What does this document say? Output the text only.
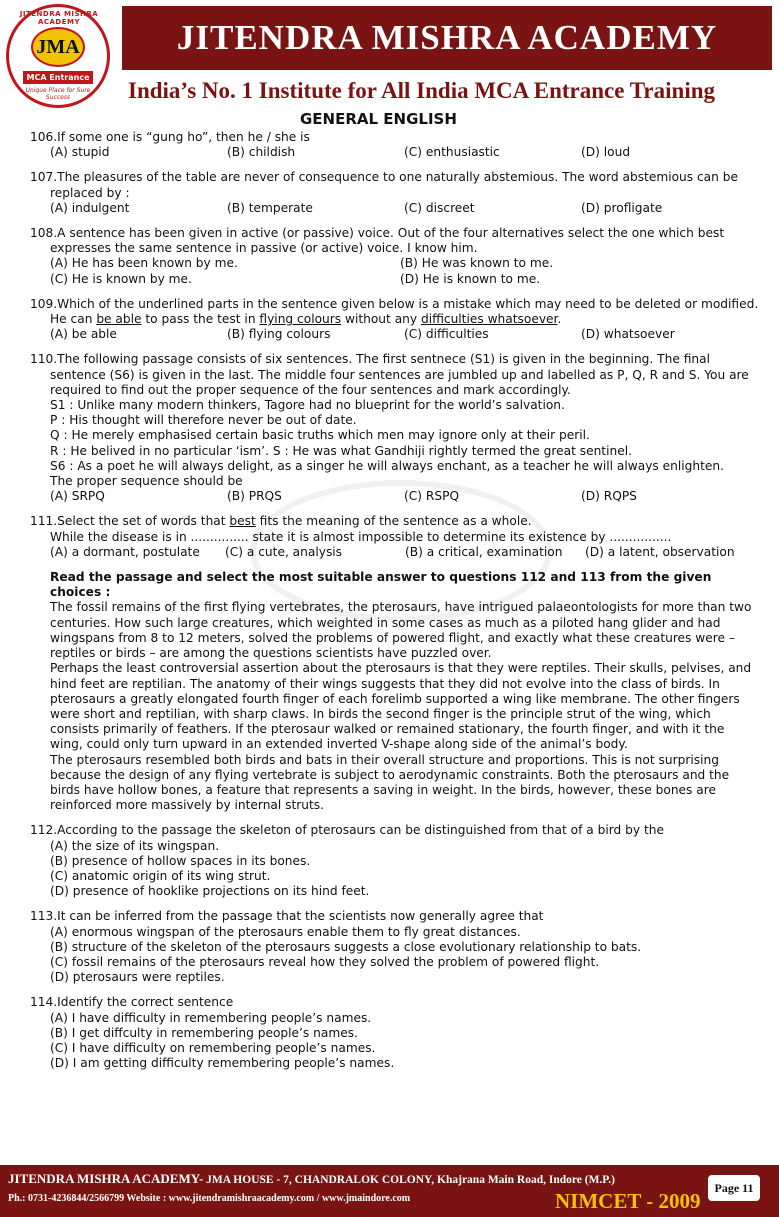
JITENDRA MISHRA ACADEMY
JMA
MCA Entrance
Unique Place for Sure Success
JITENDRA MISHRA ACADEMY
India’s No. 1 Institute for All India MCA Entrance Training
GENERAL ENGLISH
106.If some one is “gung ho”, then he / she is
(A) stupid	(B) childish	(C) enthusiastic	(D) loud
107.The pleasures of the table are never of consequence to one naturally abstemious. The word abstemious can be replaced by :
(A) indulgent	(B) temperate	(C) discreet	(D) profligate
108.A sentence has been given in active (or passive) voice. Out of the four alternatives select the one which best expresses the same sentence in passive (or active) voice. I know him.
(A) He has been known by me.	(B) He was known to me.
(C) He is known by me.	(D) He is known to me.
109.Which of the underlined parts in the sentence given below is a mistake which may need to be deleted or modified.
He can be able to pass the test in flying colours without any difficulties whatsoever.
(A) be able	(B) flying colours	(C) difficulties	(D) whatsoever
110.The following passage consists of six sentences. The first sentnece (S1) is given in the beginning. The final sentence (S6) is given in the last. The middle four sentences are jumbled up and labelled as P, Q, R and S. You are required to find out the proper sequence of the four sentences and mark accordingly.
S1 : Unlike many modern thinkers, Tagore had no blueprint for the world’s salvation.
P : His thought will therefore never be out of date.
Q : He merely emphasised certain basic truths which men may ignore only at their peril.
R : He belived in no particular ‘ism’. S : He was what Gandhiji rightly termed the great sentinel.
S6 : As a poet he will always delight, as a singer he will always enchant, as a teacher he will always enlighten.
The proper sequence should be
(A) SRPQ	(B) PRQS	(C) RSPQ	(D) RQPS
111.Select the set of words that best fits the meaning of the sentence as a whole.
While the disease is in ............... state it is almost impossible to determine its existence by ................
(A) a dormant, postulate	(C) a cute, analysis	(B) a critical, examination	(D) a latent, observation
Read the passage and select the most suitable answer to questions 112 and 113 from the given choices :

The fossil remains of the first flying vertebrates, the pterosaurs, have intrigued palaeontologists for more than two centuries. How such large creatures, which weighted in some cases as much as a piloted hang glider and had wingspans from 8 to 12 meters, solved the problems of powered flight, and exactly what these creatures were – reptiles or birds – are among the questions scientists have puzzled over.

Perhaps the least controversial assertion about the pterosaurs is that they were reptiles. Their skulls, pelvises, and hind feet are reptilian. The anatomy of their wings suggests that they did not evolve into the class of birds. In pterosaurs a greatly elongated fourth finger of each forelimb supported a wing like membrane. The other fingers were short and reptilian, with sharp claws. In birds the second finger is the principle strut of the wing, which consists primarily of feathers. If the pterosaur walked or remained stationary, the fourth finger, and with it the wing, could only turn upward in an extended inverted V-shape along side of the animal’s body.

The pterosaurs resembled both birds and bats in their overall structure and proportions. This is not surprising because the design of any flying vertebrate is subject to aerodynamic constraints. Both the pterosaurs and the birds have hollow bones, a feature that represents a saving in weight. In the birds, however, these bones are reinforced more massively by internal struts.

112.According to the passage the skeleton of pterosaurs can be distinguished from that of a bird by the
(A) the size of its wingspan.
(B) presence of hollow spaces in its bones.
(C) anatomic origin of its wing strut.
(D) presence of hooklike projections on its hind feet.
113.It can be inferred from the passage that the scientists now generally agree that
(A) enormous wingspan of the pterosaurs enable them to fly great distances.
(B) structure of the skeleton of the pterosaurs suggests a close evolutionary relationship to bats.
(C) fossil remains of the pterosaurs reveal how they solved the problem of powered flight.
(D) pterosaurs were reptiles.
114.Identify the correct sentence
(A) I have difficulty in remembering people’s names.
(B) I get diffculty in remembering people’s names.
(C) I have difficulty on remembering people’s names.
(D) I am getting difficulty remembering people’s names.
JITENDRA MISHRA ACADEMY- JMA HOUSE - 7, CHANDRALOK COLONY, Khajrana Main Road, Indore (M.P.)
Ph.: 0731-4236844/2566799 Website : www.jitendramishraacademy.com / www.jmaindore.com	NIMCET - 2009
Page 11
